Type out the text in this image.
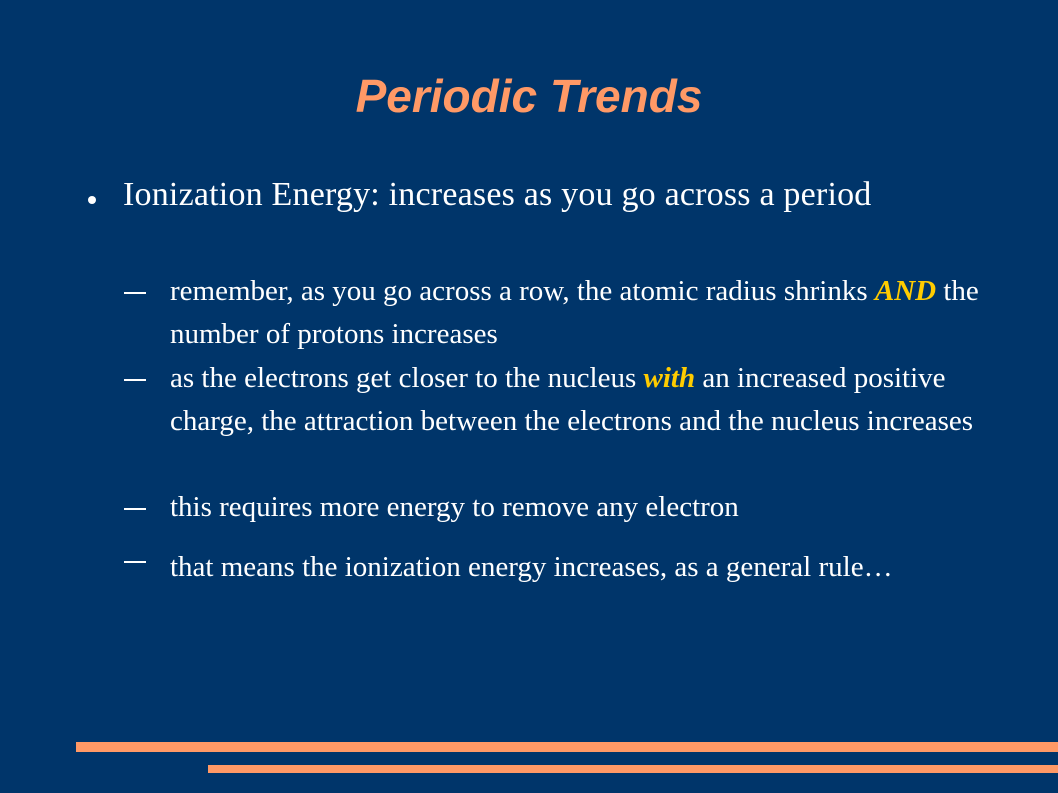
Periodic Trends
Ionization Energy: increases as you go across a period
remember, as you go across a row, the atomic radius shrinks AND the number of protons increases
as the electrons get closer to the nucleus with an increased positive charge, the attraction between the electrons and the nucleus increases
this requires more energy to remove any electron
that means the ionization energy increases, as a general rule…
